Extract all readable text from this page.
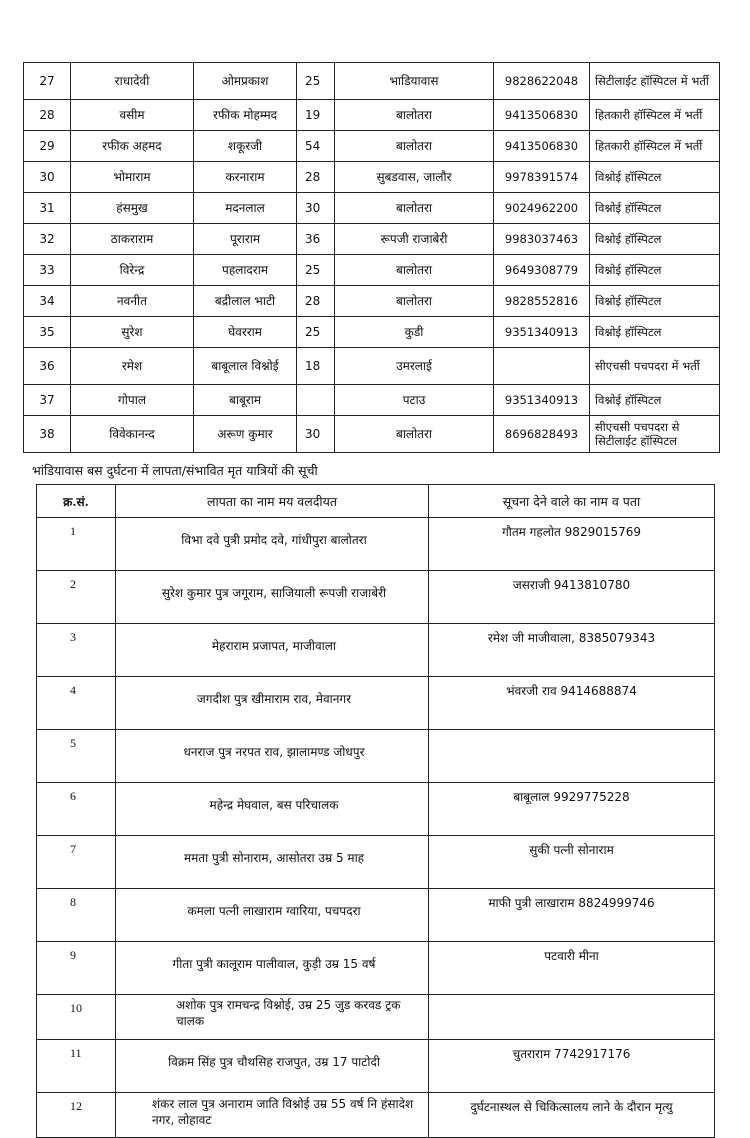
27	राधादेवी	ओमप्रकाश	25	भाडियावास	9828622048	सिटीलाईट हॉस्पिटल में भर्ती
28	वसीम	रफीक मोहम्मद	19	बालोतरा	9413506830	हितकारी हॉस्पिटल में भर्ती
29	रफीक अहमद	शकूरजी	54	बालोतरा	9413506830	हितकारी हॉस्पिटल में भर्ती
30	भोमाराम	करनाराम	28	सुबडवास, जालौर	9978391574	विश्नोई हॉस्पिटल
31	हंसमुख	मदनलाल	30	बालोतरा	9024962200	विश्नोई हॉस्पिटल
32	ठाकराराम	पूराराम	36	रूपजी राजाबेरी	9983037463	विश्नोई हॉस्पिटल
33	विरेन्द्र	पहलादराम	25	बालोतरा	9649308779	विश्नोई हॉस्पिटल
34	नवनीत	बद्रीलाल भाटी	28	बालोतरा	9828552816	विश्नोई हॉस्पिटल
35	सुरेश	घेवरराम	25	कुडी	9351340913	विश्नोई हॉस्पिटल
36	रमेश	बाबूलाल विश्नोई	18	उमरलाई		सीएचसी पचपदरा में भर्ती
37	गोपाल	बाबूराम		पटाउ	9351340913	विश्नोई हॉस्पिटल
38	विवेकानन्द	अरूण कुमार	30	बालोतरा	8696828493	सीएचसी पचपदरा से सिटीलाईट हॉस्पिटल
भांडियावास बस दुर्घटना में लापता/संभावित मृत यात्रियों की सूची
क्र.सं.	लापता का नाम मय वलदीयत	सूचना देने वाले का नाम व पता
1	विभा दवे पुत्री प्रमोद दवे, गांधीपुरा बालोतरा	गौतम गहलोत 9829015769
2	सुरेश कुमार पुत्र जगूराम, साजियाली रूपजी राजाबेरी	जसराजी 9413810780
3	मेहराराम प्रजापत, माजीवाला	रमेश जी माजीवाला, 8385079343
4	जगदीश पुत्र खीमाराम राव, मेवानगर	भंवरजी राव 9414688874
5	धनराज पुत्र नरपत राव, झालामण्ड जोधपुर	
6	महेन्द्र मेघवाल, बस परिचालक	बाबूलाल 9929775228
7	ममता पुत्री सोनाराम, आसोतरा उम्र 5 माह	सुकी पत्नी सोनाराम
8	कमला पत्नी लाखाराम ग्वारिया, पचपदरा	माफी पुत्री लाखाराम 8824999746
9	गीता पुत्री कालूराम पालीवाल, कुड़ी उम्र 15 वर्ष	पटवारी मीना
10	अशोक पुत्र रामचन्द्र विश्नोई, उम्र 25 जुड करवड ट्रक चालक	
11	विक्रम सिंह पुत्र चौथसिह राजपुत, उम्र 17 पाटोदी	चुतराराम 7742917176
12	शंकर लाल पुत्र अनाराम जाति विश्नोई उम्र 55 वर्ष नि हंसादेश नगर, लोहावट	दुर्घटनास्थल से चिकित्सालय लाने के दौरान मृत्यु
